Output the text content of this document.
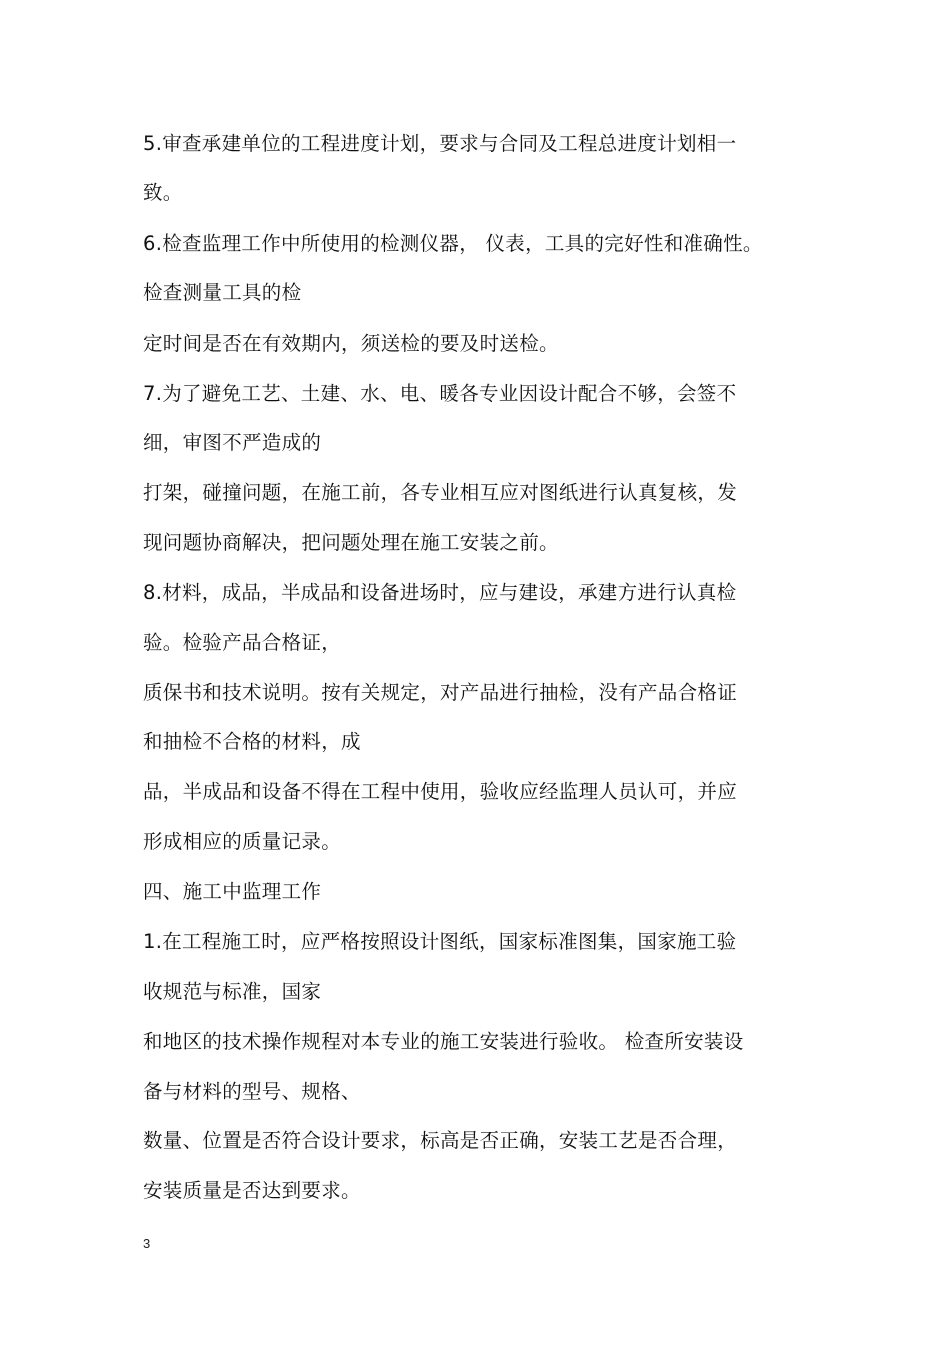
5.审查承建单位的工程进度计划，要求与合同及工程总进度计划相一
致。
6.检查监理工作中所使用的检测仪器， 仪表，工具的完好性和准确性。
检查测量工具的检
定时间是否在有效期内，须送检的要及时送检。
7.为了避免工艺、土建、水、电、暖各专业因设计配合不够，会签不
细，审图不严造成的
打架，碰撞问题，在施工前，各专业相互应对图纸进行认真复核，发
现问题协商解决，把问题处理在施工安装之前。
8.材料，成品，半成品和设备进场时，应与建设，承建方进行认真检
验。检验产品合格证，
质保书和技术说明。按有关规定，对产品进行抽检，没有产品合格证
和抽检不合格的材料，成
品，半成品和设备不得在工程中使用，验收应经监理人员认可，并应
形成相应的质量记录。
四、施工中监理工作
1.在工程施工时，应严格按照设计图纸，国家标准图集，国家施工验
收规范与标准，国家
和地区的技术操作规程对本专业的施工安装进行验收。 检查所安装设
备与材料的型号、规格、
数量、位置是否符合设计要求，标高是否正确，安装工艺是否合理，
安装质量是否达到要求。
3
